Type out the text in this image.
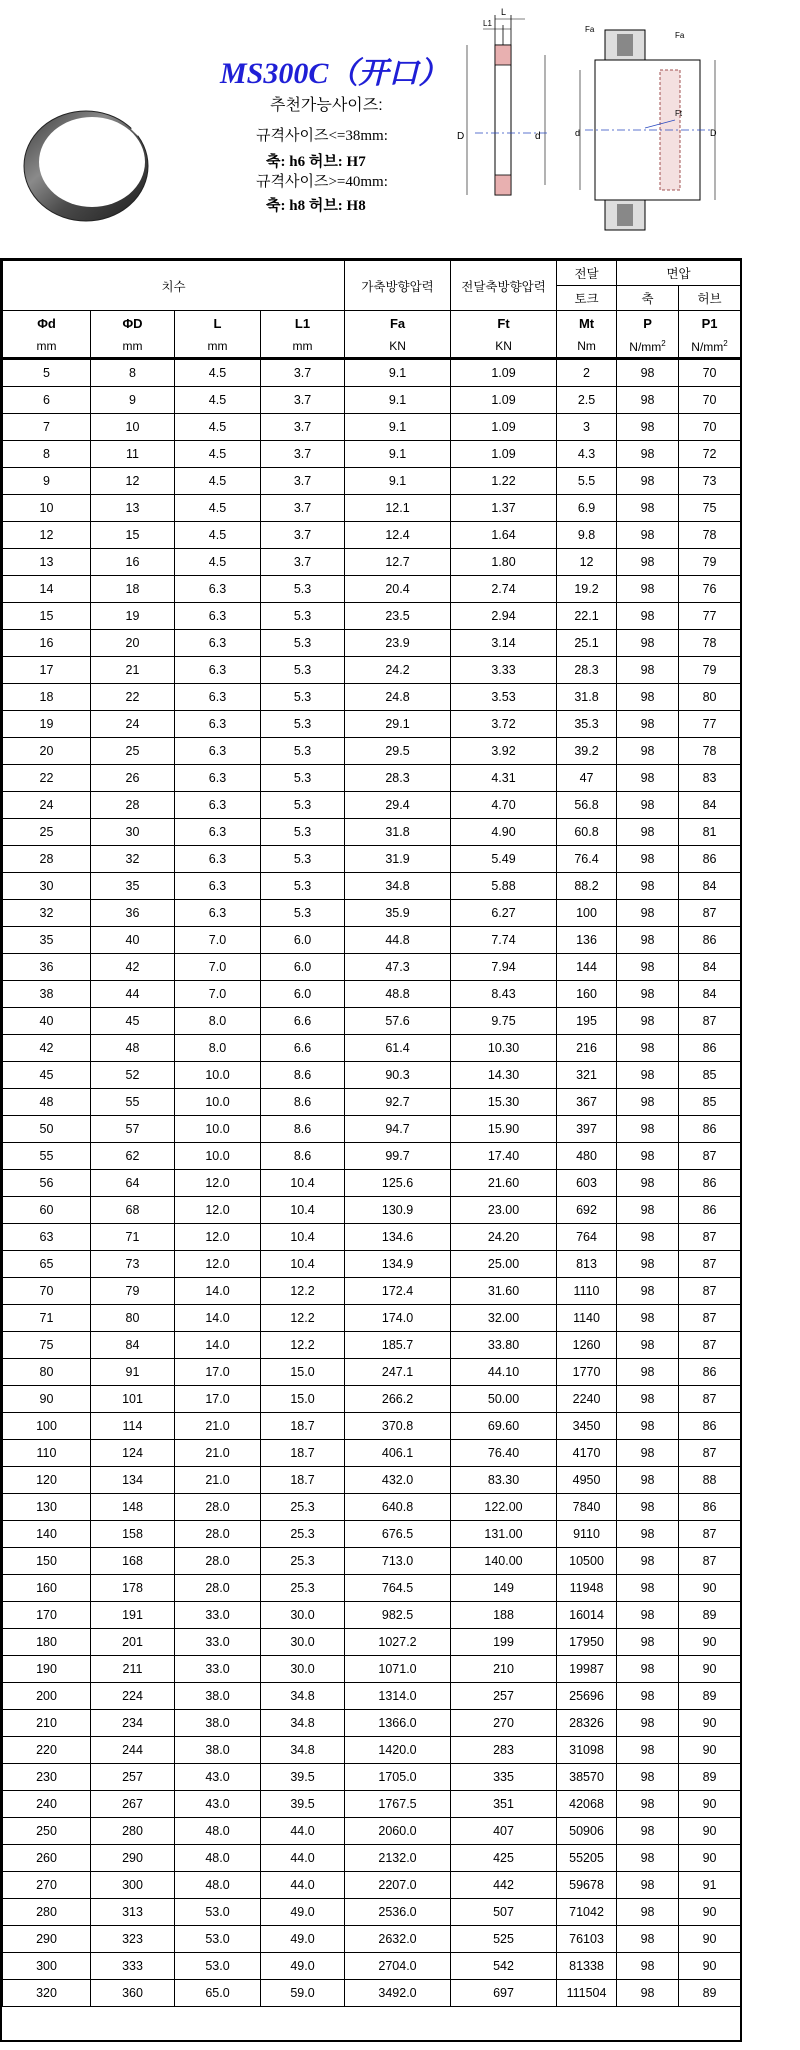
MS300C（开口）
추천가능사이즈:
규격사이즈<=38mm:
축: h6 허브: H7
규격사이즈>=40mm:
축: h8 허브: H8
L
L1
D	d
Fa
Fa
Ft
d	D
치수				가축방향압력	전달축방향압력	전달	면압	
						토크	축	허브
Φd	ΦD	L	L1	Fa	Ft	Mt	P	P1
mm	mm	mm	mm	KN	KN	Nm	$N/mm^2$	$N/mm^2$
5	8	4.5	3.7	9.1	1.09	2	98	70
6	9	4.5	3.7	9.1	1.09	2.5	98	70
7	10	4.5	3.7	9.1	1.09	3	98	70
8	11	4.5	3.7	9.1	1.09	4.3	98	72
9	12	4.5	3.7	9.1	1.22	5.5	98	73
10	13	4.5	3.7	12.1	1.37	6.9	98	75
12	15	4.5	3.7	12.4	1.64	9.8	98	78
13	16	4.5	3.7	12.7	1.80	12	98	79
14	18	6.3	5.3	20.4	2.74	19.2	98	76
15	19	6.3	5.3	23.5	2.94	22.1	98	77
16	20	6.3	5.3	23.9	3.14	25.1	98	78
17	21	6.3	5.3	24.2	3.33	28.3	98	79
18	22	6.3	5.3	24.8	3.53	31.8	98	80
19	24	6.3	5.3	29.1	3.72	35.3	98	77
20	25	6.3	5.3	29.5	3.92	39.2	98	78
22	26	6.3	5.3	28.3	4.31	47	98	83
24	28	6.3	5.3	29.4	4.70	56.8	98	84
25	30	6.3	5.3	31.8	4.90	60.8	98	81
28	32	6.3	5.3	31.9	5.49	76.4	98	86
30	35	6.3	5.3	34.8	5.88	88.2	98	84
32	36	6.3	5.3	35.9	6.27	100	98	87
35	40	7.0	6.0	44.8	7.74	136	98	86
36	42	7.0	6.0	47.3	7.94	144	98	84
38	44	7.0	6.0	48.8	8.43	160	98	84
40	45	8.0	6.6	57.6	9.75	195	98	87
42	48	8.0	6.6	61.4	10.30	216	98	86
45	52	10.0	8.6	90.3	14.30	321	98	85
48	55	10.0	8.6	92.7	15.30	367	98	85
50	57	10.0	8.6	94.7	15.90	397	98	86
55	62	10.0	8.6	99.7	17.40	480	98	87
56	64	12.0	10.4	125.6	21.60	603	98	86
60	68	12.0	10.4	130.9	23.00	692	98	86
63	71	12.0	10.4	134.6	24.20	764	98	87
65	73	12.0	10.4	134.9	25.00	813	98	87
70	79	14.0	12.2	172.4	31.60	1110	98	87
71	80	14.0	12.2	174.0	32.00	1140	98	87
75	84	14.0	12.2	185.7	33.80	1260	98	87
80	91	17.0	15.0	247.1	44.10	1770	98	86
90	101	17.0	15.0	266.2	50.00	2240	98	87
100	114	21.0	18.7	370.8	69.60	3450	98	86
110	124	21.0	18.7	406.1	76.40	4170	98	87
120	134	21.0	18.7	432.0	83.30	4950	98	88
130	148	28.0	25.3	640.8	122.00	7840	98	86
140	158	28.0	25.3	676.5	131.00	9110	98	87
150	168	28.0	25.3	713.0	140.00	10500	98	87
160	178	28.0	25.3	764.5	149	11948	98	90
170	191	33.0	30.0	982.5	188	16014	98	89
180	201	33.0	30.0	1027.2	199	17950	98	90
190	211	33.0	30.0	1071.0	210	19987	98	90
200	224	38.0	34.8	1314.0	257	25696	98	89
210	234	38.0	34.8	1366.0	270	28326	98	90
220	244	38.0	34.8	1420.0	283	31098	98	90
230	257	43.0	39.5	1705.0	335	38570	98	89
240	267	43.0	39.5	1767.5	351	42068	98	90
250	280	48.0	44.0	2060.0	407	50906	98	90
260	290	48.0	44.0	2132.0	425	55205	98	90
270	300	48.0	44.0	2207.0	442	59678	98	91
280	313	53.0	49.0	2536.0	507	71042	98	90
290	323	53.0	49.0	2632.0	525	76103	98	90
300	333	53.0	49.0	2704.0	542	81338	98	90
320	360	65.0	59.0	3492.0	697	111504	98	89
